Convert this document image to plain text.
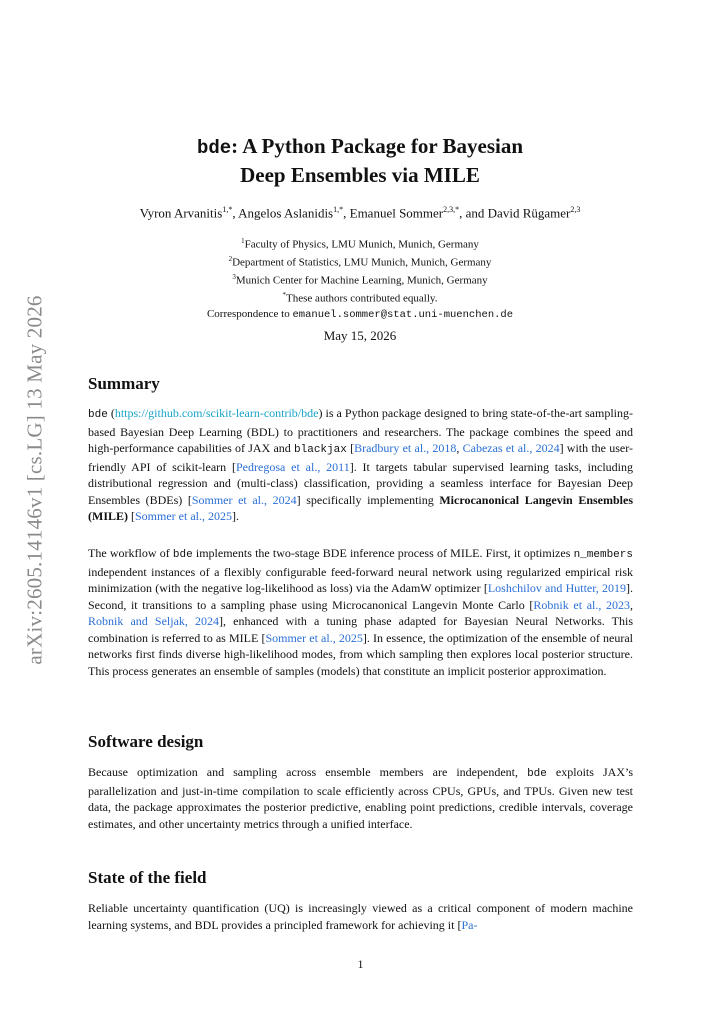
arXiv:2605.14146v1 [cs.LG] 13 May 2026
bde: A Python Package for Bayesian
Deep Ensembles via MILE
Vyron Arvanitis$^{1,*}$, Angelos Aslanidis$^{1,*}$, Emanuel Sommer$^{2,3,*}$, and David Rügamer$^{2,3}$
$^1$Faculty of Physics, LMU Munich, Munich, Germany
$^2$Department of Statistics, LMU Munich, Munich, Germany
$^3$Munich Center for Machine Learning, Munich, Germany
*These authors contributed equally.
Correspondence to emanuel.sommer@stat.uni-muenchen.de
May 15, 2026
Summary

bde (https://github.com/scikit-learn-contrib/bde) is a Python package designed to bring state-of-the-art sampling-based Bayesian Deep Learning (BDL) to practitioners and researchers. The package combines the speed and high-performance capabilities of JAX and blackjax [Bradbury et al., 2018, Cabezas et al., 2024] with the user-friendly API of scikit-learn [Pedregosa et al., 2011]. It targets tabular supervised learning tasks, including distributional regression and (multi-class) classification, providing a seamless interface for Bayesian Deep Ensembles (BDEs) [Sommer et al., 2024] specifically implementing Microcanonical Langevin Ensembles (MILE) [Sommer et al., 2025].

The workflow of bde implements the two-stage BDE inference process of MILE. First, it optimizes n_members independent instances of a flexibly configurable feed-forward neural network using regularized empirical risk minimization (with the negative log-likelihood as loss) via the AdamW optimizer [Loshchilov and Hutter, 2019]. Second, it transitions to a sampling phase using Microcanonical Langevin Monte Carlo [Robnik et al., 2023, Robnik and Seljak, 2024], enhanced with a tuning phase adapted for Bayesian Neural Networks. This combination is referred to as MILE [Sommer et al., 2025]. In essence, the optimization of the ensemble of neural networks first finds diverse high-likelihood modes, from which sampling then explores local posterior structure. This process generates an ensemble of samples (models) that constitute an implicit posterior approximation.

Software design

Because optimization and sampling across ensemble members are independent, bde exploits JAX’s parallelization and just-in-time compilation to scale efficiently across CPUs, GPUs, and TPUs. Given new test data, the package approximates the posterior predictive, enabling point predictions, credible intervals, coverage estimates, and other uncertainty metrics through a unified interface.

State of the field

Reliable uncertainty quantification (UQ) is increasingly viewed as a critical component of modern machine learning systems, and BDL provides a principled framework for achieving it [Pa-

1
